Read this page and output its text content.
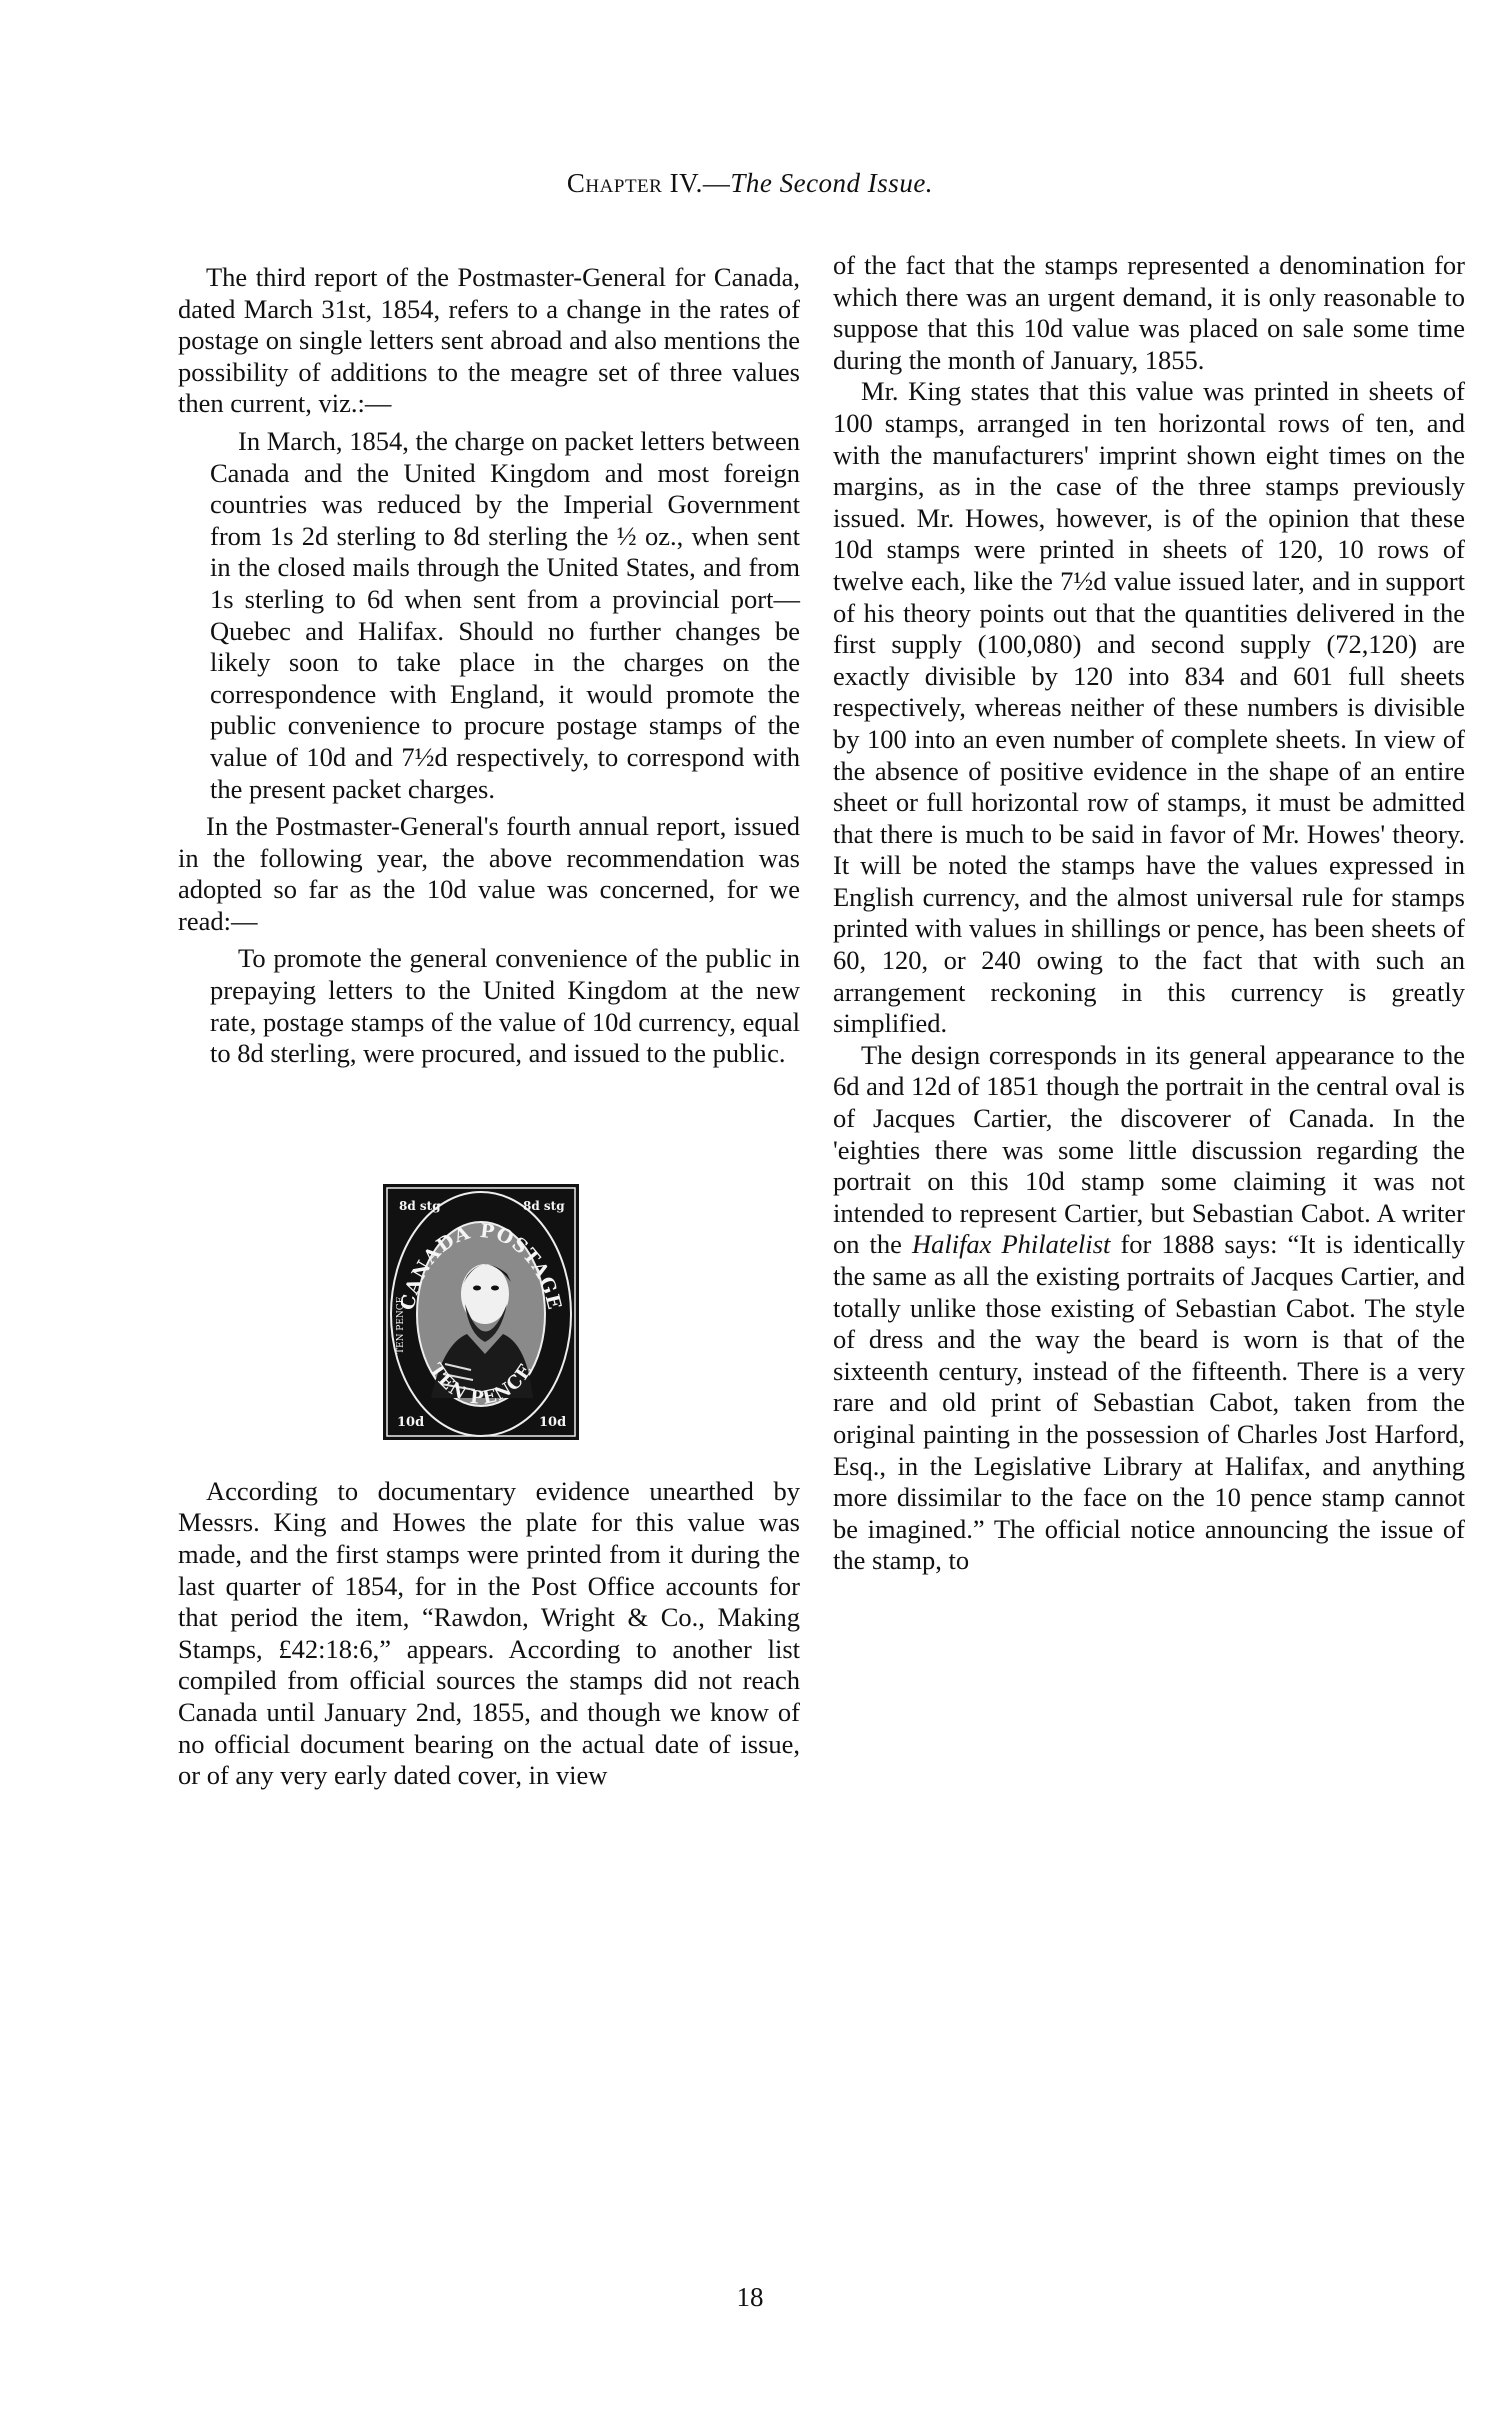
Chapter IV.—The Second Issue.

The third report of the Postmaster-General for Canada, dated March 31st, 1854, refers to a change in the rates of postage on single letters sent abroad and also mentions the possibility of additions to the meagre set of three values then current, viz.:—

In March, 1854, the charge on packet letters between Canada and the United Kingdom and most foreign countries was reduced by the Imperial Government from 1s 2d sterling to 8d sterling the ½ oz., when sent in the closed mails through the United States, and from 1s sterling to 6d when sent from a provincial port—Quebec and Halifax. Should no further changes be likely soon to take place in the charges on the correspondence with England, it would promote the public convenience to procure postage stamps of the value of 10d and 7½d respectively, to correspond with the present packet charges.

In the Postmaster-General's fourth annual report, issued in the following year, the above recommendation was adopted so far as the 10d value was concerned, for we read:—

To promote the general convenience of the public in prepaying letters to the United Kingdom at the new rate, postage stamps of the value of 10d currency, equal to 8d sterling, were procured, and issued to the public.

CANADA POSTAGE
TEN PENCE
8d stg	8d stg
10d	10d
TEN PENCE

According to documentary evidence unearthed by Messrs. King and Howes the plate for this value was made, and the first stamps were printed from it during the last quarter of 1854, for in the Post Office accounts for that period the item, “Rawdon, Wright & Co., Making Stamps, £42:18:6,” appears. According to another list compiled from official sources the stamps did not reach Canada until January 2nd, 1855, and though we know of no official document bearing on the actual date of issue, or of any very early dated cover, in view

of the fact that the stamps represented a denomination for which there was an urgent demand, it is only reasonable to suppose that this 10d value was placed on sale some time during the month of January, 1855.

Mr. King states that this value was printed in sheets of 100 stamps, arranged in ten horizontal rows of ten, and with the manufacturers' imprint shown eight times on the margins, as in the case of the three stamps previously issued. Mr. Howes, however, is of the opinion that these 10d stamps were printed in sheets of 120, 10 rows of twelve each, like the 7½d value issued later, and in support of his theory points out that the quantities delivered in the first supply (100,080) and second supply (72,120) are exactly divisible by 120 into 834 and 601 full sheets respectively, whereas neither of these numbers is divisible by 100 into an even number of complete sheets. In view of the absence of positive evidence in the shape of an entire sheet or full horizontal row of stamps, it must be admitted that there is much to be said in favor of Mr. Howes' theory. It will be noted the stamps have the values expressed in English currency, and the almost universal rule for stamps printed with values in shillings or pence, has been sheets of 60, 120, or 240 owing to the fact that with such an arrangement reckoning in this currency is greatly simplified.

The design corresponds in its general appearance to the 6d and 12d of 1851 though the portrait in the central oval is of Jacques Cartier, the discoverer of Canada. In the 'eighties there was some little discussion regarding the portrait on this 10d stamp some claiming it was not intended to represent Cartier, but Sebastian Cabot. A writer on the Halifax Philatelist for 1888 says: “It is identically the same as all the existing portraits of Jacques Cartier, and totally unlike those existing of Sebastian Cabot. The style of dress and the way the beard is worn is that of the sixteenth century, instead of the fifteenth. There is a very rare and old print of Sebastian Cabot, taken from the original painting in the possession of Charles Jost Harford, Esq., in the Legislative Library at Halifax, and anything more dissimilar to the face on the 10 pence stamp cannot be imagined.” The official notice announcing the issue of the stamp, to

18
